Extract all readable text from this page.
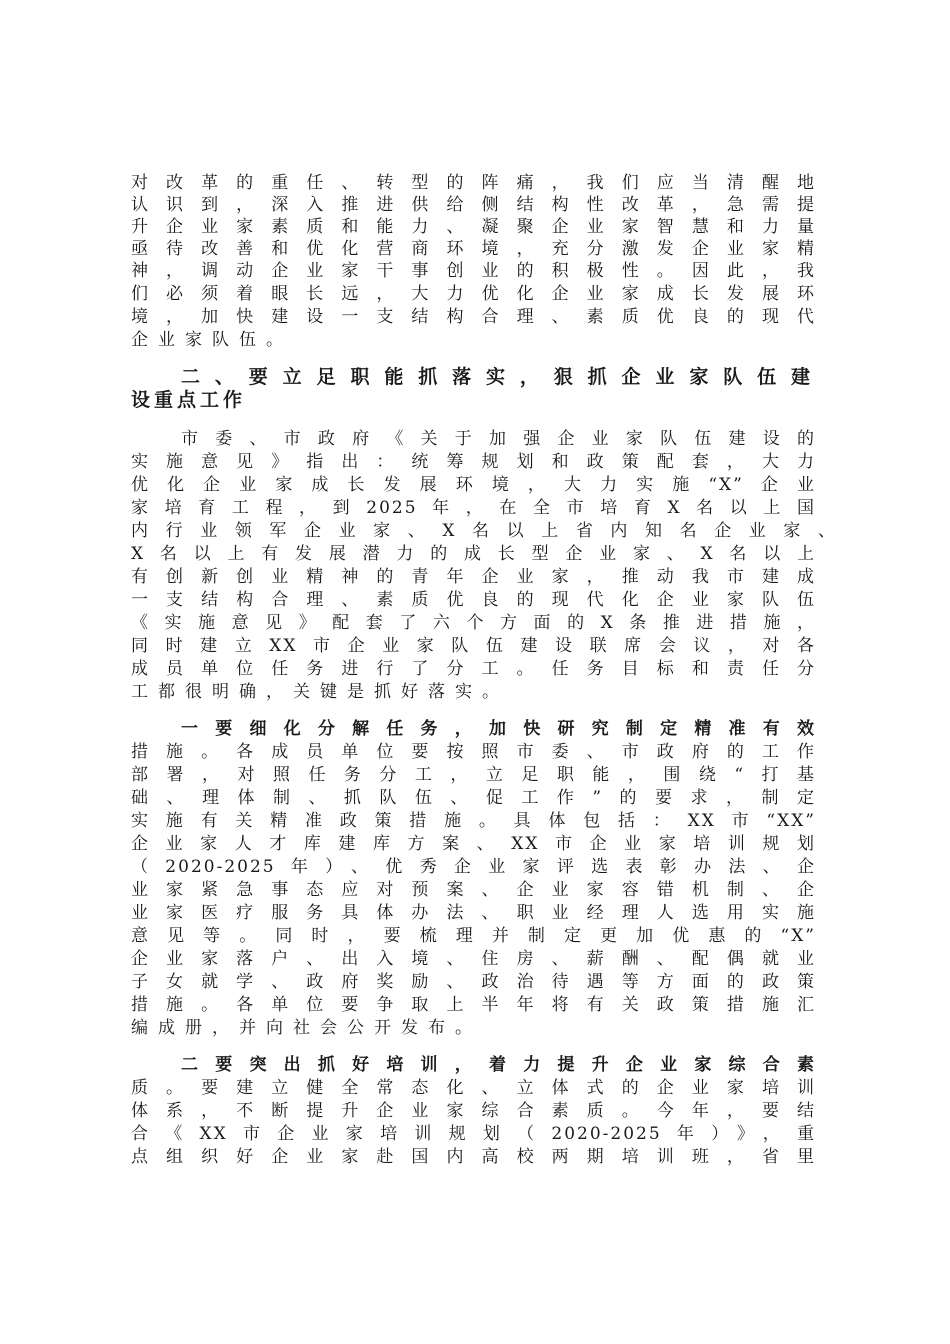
对改革的重任、转型的阵痛，我们应当清醒地
认识到，深入推进供给侧结构性改革，急需提
升企业家素质和能力、凝聚企业家智慧和力量
亟待改善和优化营商环境，充分激发企业家精
神，调动企业家干事创业的积极性。因此，我
们必须着眼长远，大力优化企业家成长发展环
境，加快建设一支结构合理、素质优良的现代
企业家队伍。
二、要立足职能抓落实，狠抓企业家队伍建
设重点工作
市委、市政府《关于加强企业家队伍建设的
实施意见》指出：统筹规划和政策配套，大力
优化企业家成长发展环境，大力实施“X”企业
家培育工程，到2025年，在全市培育X名以上国
内行业领军企业家、X名以上省内知名企业家、
X名以上有发展潜力的成长型企业家、X名以上
有创新创业精神的青年企业家，推动我市建成
一支结构合理、素质优良的现代化企业家队伍
《实施意见》配套了六个方面的X条推进措施，
同时建立XX市企业家队伍建设联席会议，对各
成员单位任务进行了分工。任务目标和责任分
工都很明确，关键是抓好落实。
一要细化分解任务，加快研究制定精准有效
措施。各成员单位要按照市委、市政府的工作
部署，对照任务分工，立足职能，围绕“打基
础、理体制、抓队伍、促工作”的要求，制定
实施有关精准政策措施。具体包括：XX市“XX”
企业家人才库建库方案、XX市企业家培训规划
（2020-2025年）、优秀企业家评选表彰办法、企
业家紧急事态应对预案、企业家容错机制、企
业家医疗服务具体办法、职业经理人选用实施
意见等。同时，要梳理并制定更加优惠的“X”
企业家落户、出入境、住房、薪酬、配偶就业
子女就学、政府奖励、政治待遇等方面的政策
措施。各单位要争取上半年将有关政策措施汇
编成册，并向社会公开发布。
二要突出抓好培训，着力提升企业家综合素
质。要建立健全常态化、立体式的企业家培训
体系，不断提升企业家综合素质。今年，要结
合《XX市企业家培训规划（2020-2025年）》，重
点组织好企业家赴国内高校两期培训班，省里
